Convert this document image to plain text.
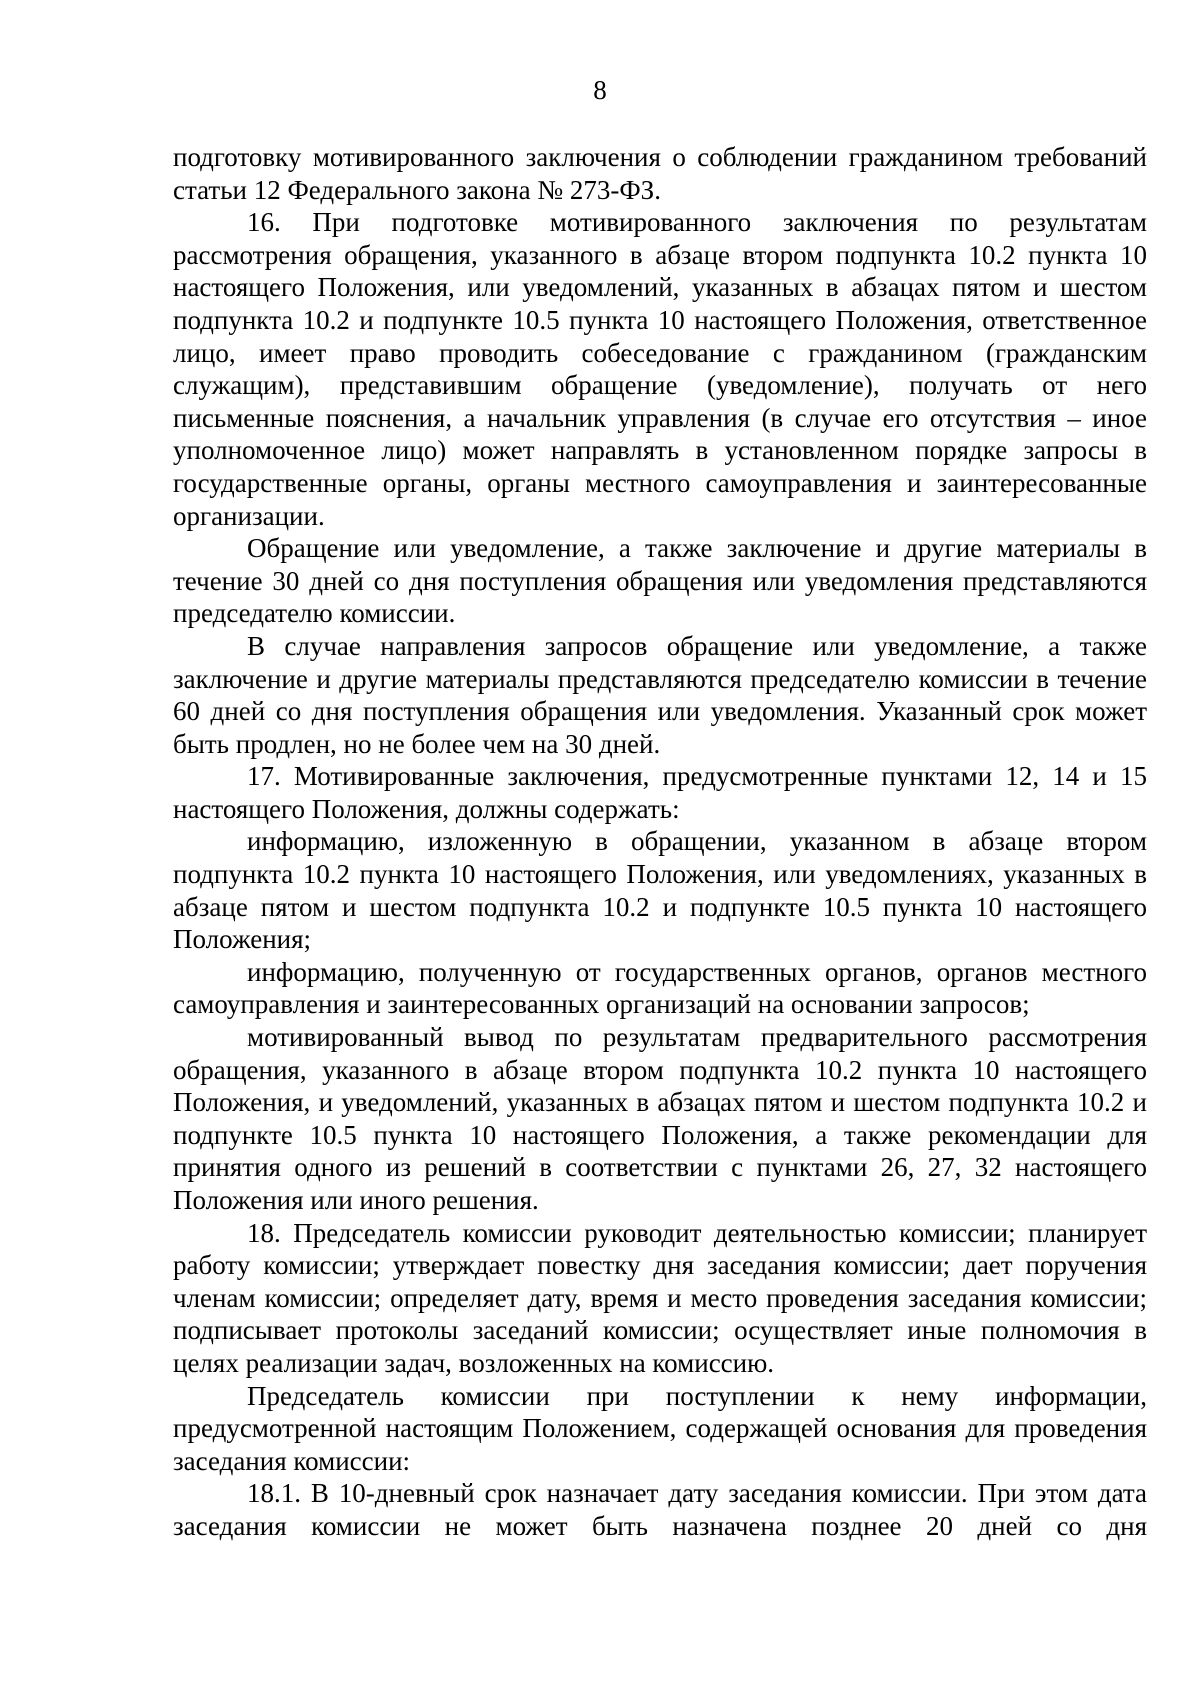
8

подготовку мотивированного заключения о соблюдении гражданином требований статьи 12 Федерального закона № 273-ФЗ.

16. При подготовке мотивированного заключения по результатам рассмотрения обращения, указанного в абзаце втором подпункта 10.2 пункта 10 настоящего Положения, или уведомлений, указанных в абзацах пятом и шестом подпункта 10.2 и подпункте 10.5 пункта 10 настоящего Положения, ответственное лицо, имеет право проводить собеседование с гражданином (гражданским служащим), представившим обращение (уведомление), получать от него письменные пояснения, а начальник управления (в случае его отсутствия – иное уполномоченное лицо) может направлять в установленном порядке запросы в государственные органы, органы местного самоуправления и заинтересованные организации.

Обращение или уведомление, а также заключение и другие материалы в течение 30 дней со дня поступления обращения или уведомления представляются председателю комиссии.

В случае направления запросов обращение или уведомление, а также заключение и другие материалы представляются председателю комиссии в течение 60 дней со дня поступления обращения или уведомления. Указанный срок может быть продлен, но не более чем на 30 дней.

17. Мотивированные заключения, предусмотренные пунктами 12, 14 и 15 настоящего Положения, должны содержать:

информацию, изложенную в обращении, указанном в абзаце втором подпункта 10.2 пункта 10 настоящего Положения, или уведомлениях, указанных в абзаце пятом и шестом подпункта 10.2 и подпункте 10.5 пункта 10 настоящего Положения;

информацию, полученную от государственных органов, органов местного самоуправления и заинтересованных организаций на основании запросов;

мотивированный вывод по результатам предварительного рассмотрения обращения, указанного в абзаце втором подпункта 10.2 пункта 10 настоящего Положения, и уведомлений, указанных в абзацах пятом и шестом подпункта 10.2 и подпункте 10.5 пункта 10 настоящего Положения, а также рекомендации для принятия одного из решений в соответствии с пунктами 26, 27, 32 настоящего Положения или иного решения.

18. Председатель комиссии руководит деятельностью комиссии; планирует работу комиссии; утверждает повестку дня заседания комиссии; дает поручения членам комиссии; определяет дату, время и место проведения заседания комиссии; подписывает протоколы заседаний комиссии; осуществляет иные полномочия в целях реализации задач, возложенных на комиссию.

Председатель комиссии при поступлении к нему информации, предусмотренной настоящим Положением, содержащей основания для проведения заседания комиссии:

18.1. В 10-дневный срок назначает дату заседания комиссии. При этом дата заседания комиссии не может быть назначена позднее 20 дней со дня
